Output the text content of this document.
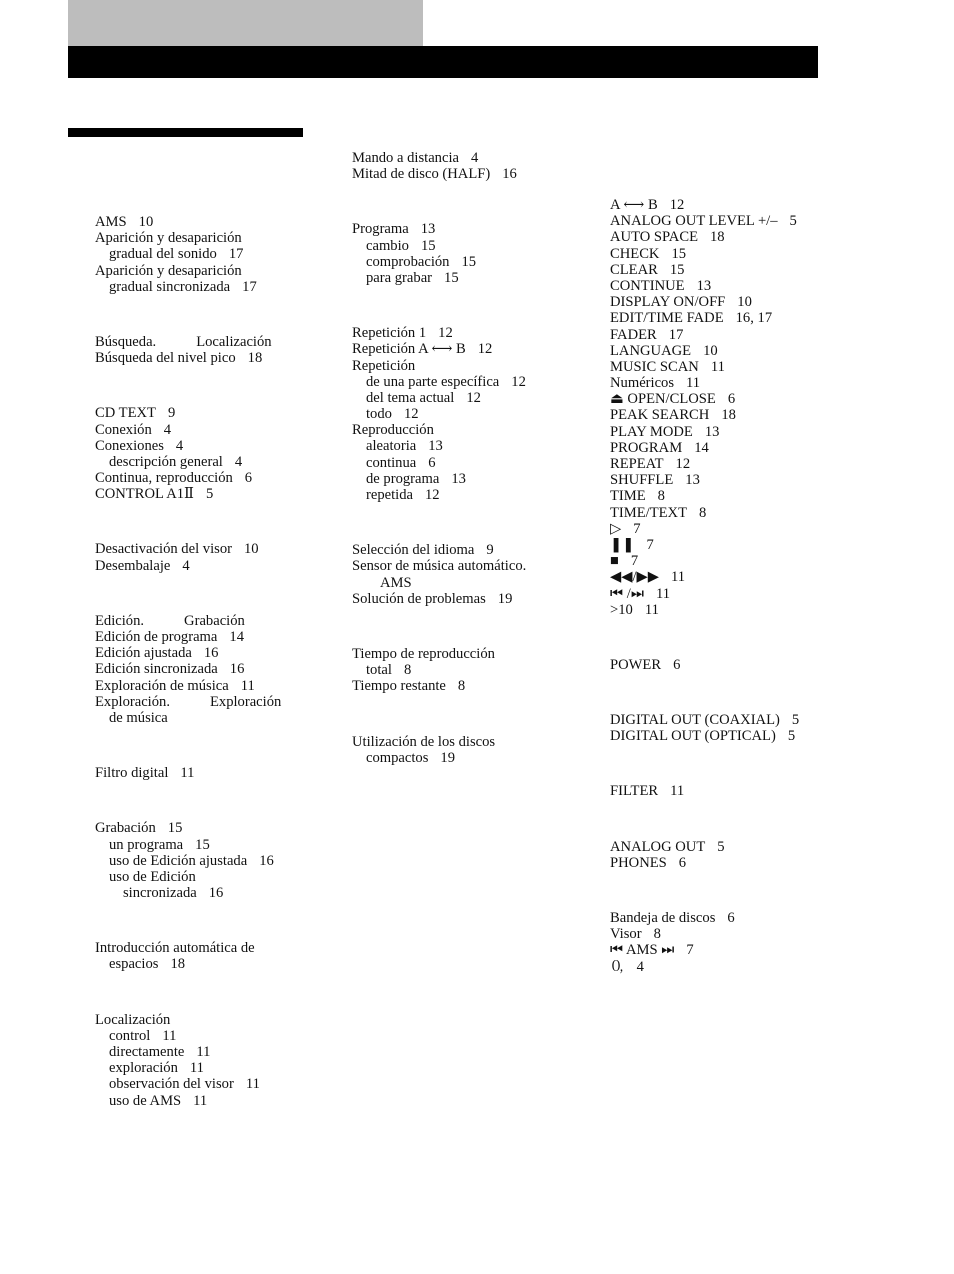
AMS 10
Aparición y desaparición
gradual del sonido 17
Aparición y desaparición
gradual sincronizada 17
Búsqueda.	Localización
Búsqueda del nivel pico 18
CD TEXT 9
Conexión 4
Conexiones 4
descripción general 4
Continua, reproducción 6
CONTROL A1Ⅱ 5
Desactivación del visor 10
Desembalaje 4
Edición.	Grabación
Edición de programa 14
Edición ajustada 16
Edición sincronizada 16
Exploración de música 11
Exploración.	Exploración
de música
Filtro digital 11
Grabación 15
un programa 15
uso de Edición ajustada 16
uso de Edición
sincronizada 16
Introducción automática de
espacios 18
Localización
control 11
directamente 11
exploración 11
observación del visor 11
uso de AMS 11
Mando a distancia 4
Mitad de disco (HALF) 16
Programa 13
cambio 15
comprobación 15
para grabar 15
Repetición 1 12
Repetición A ⟷ B 12
Repetición
de una parte específica 12
del tema actual 12
todo 12
Reproducción
aleatoria 13
continua 6
de programa 13
repetida 12
Selección del idioma 9
Sensor de música automático.
AMS
Solución de problemas 19
Tiempo de reproducción
total 8
Tiempo restante 8
Utilización de los discos
compactos 19
A ⟷ B 12
ANALOG OUT LEVEL +/– 5
AUTO SPACE 18
CHECK 15
CLEAR 15
CONTINUE 13
DISPLAY ON/OFF 10
EDIT/TIME FADE 16, 17
FADER 17
LANGUAGE 10
MUSIC SCAN 11
Numéricos 11
⏏ OPEN/CLOSE 6
PEAK SEARCH 18
PLAY MODE 13
PROGRAM 14
REPEAT 12
SHUFFLE 13
TIME 8
TIME/TEXT 8
▷ 7
❚❚ 7
■ 7
◀◀/▶▶ 11
⏮ /⏭ 11
>10 11
POWER 6
DIGITAL OUT (COAXIAL) 5
DIGITAL OUT (OPTICAL) 5
FILTER 11
ANALOG OUT 5
PHONES 6
Bandeja de discos 6
Visor 8
⏮ AMS ⏭ 7
🄁 4
